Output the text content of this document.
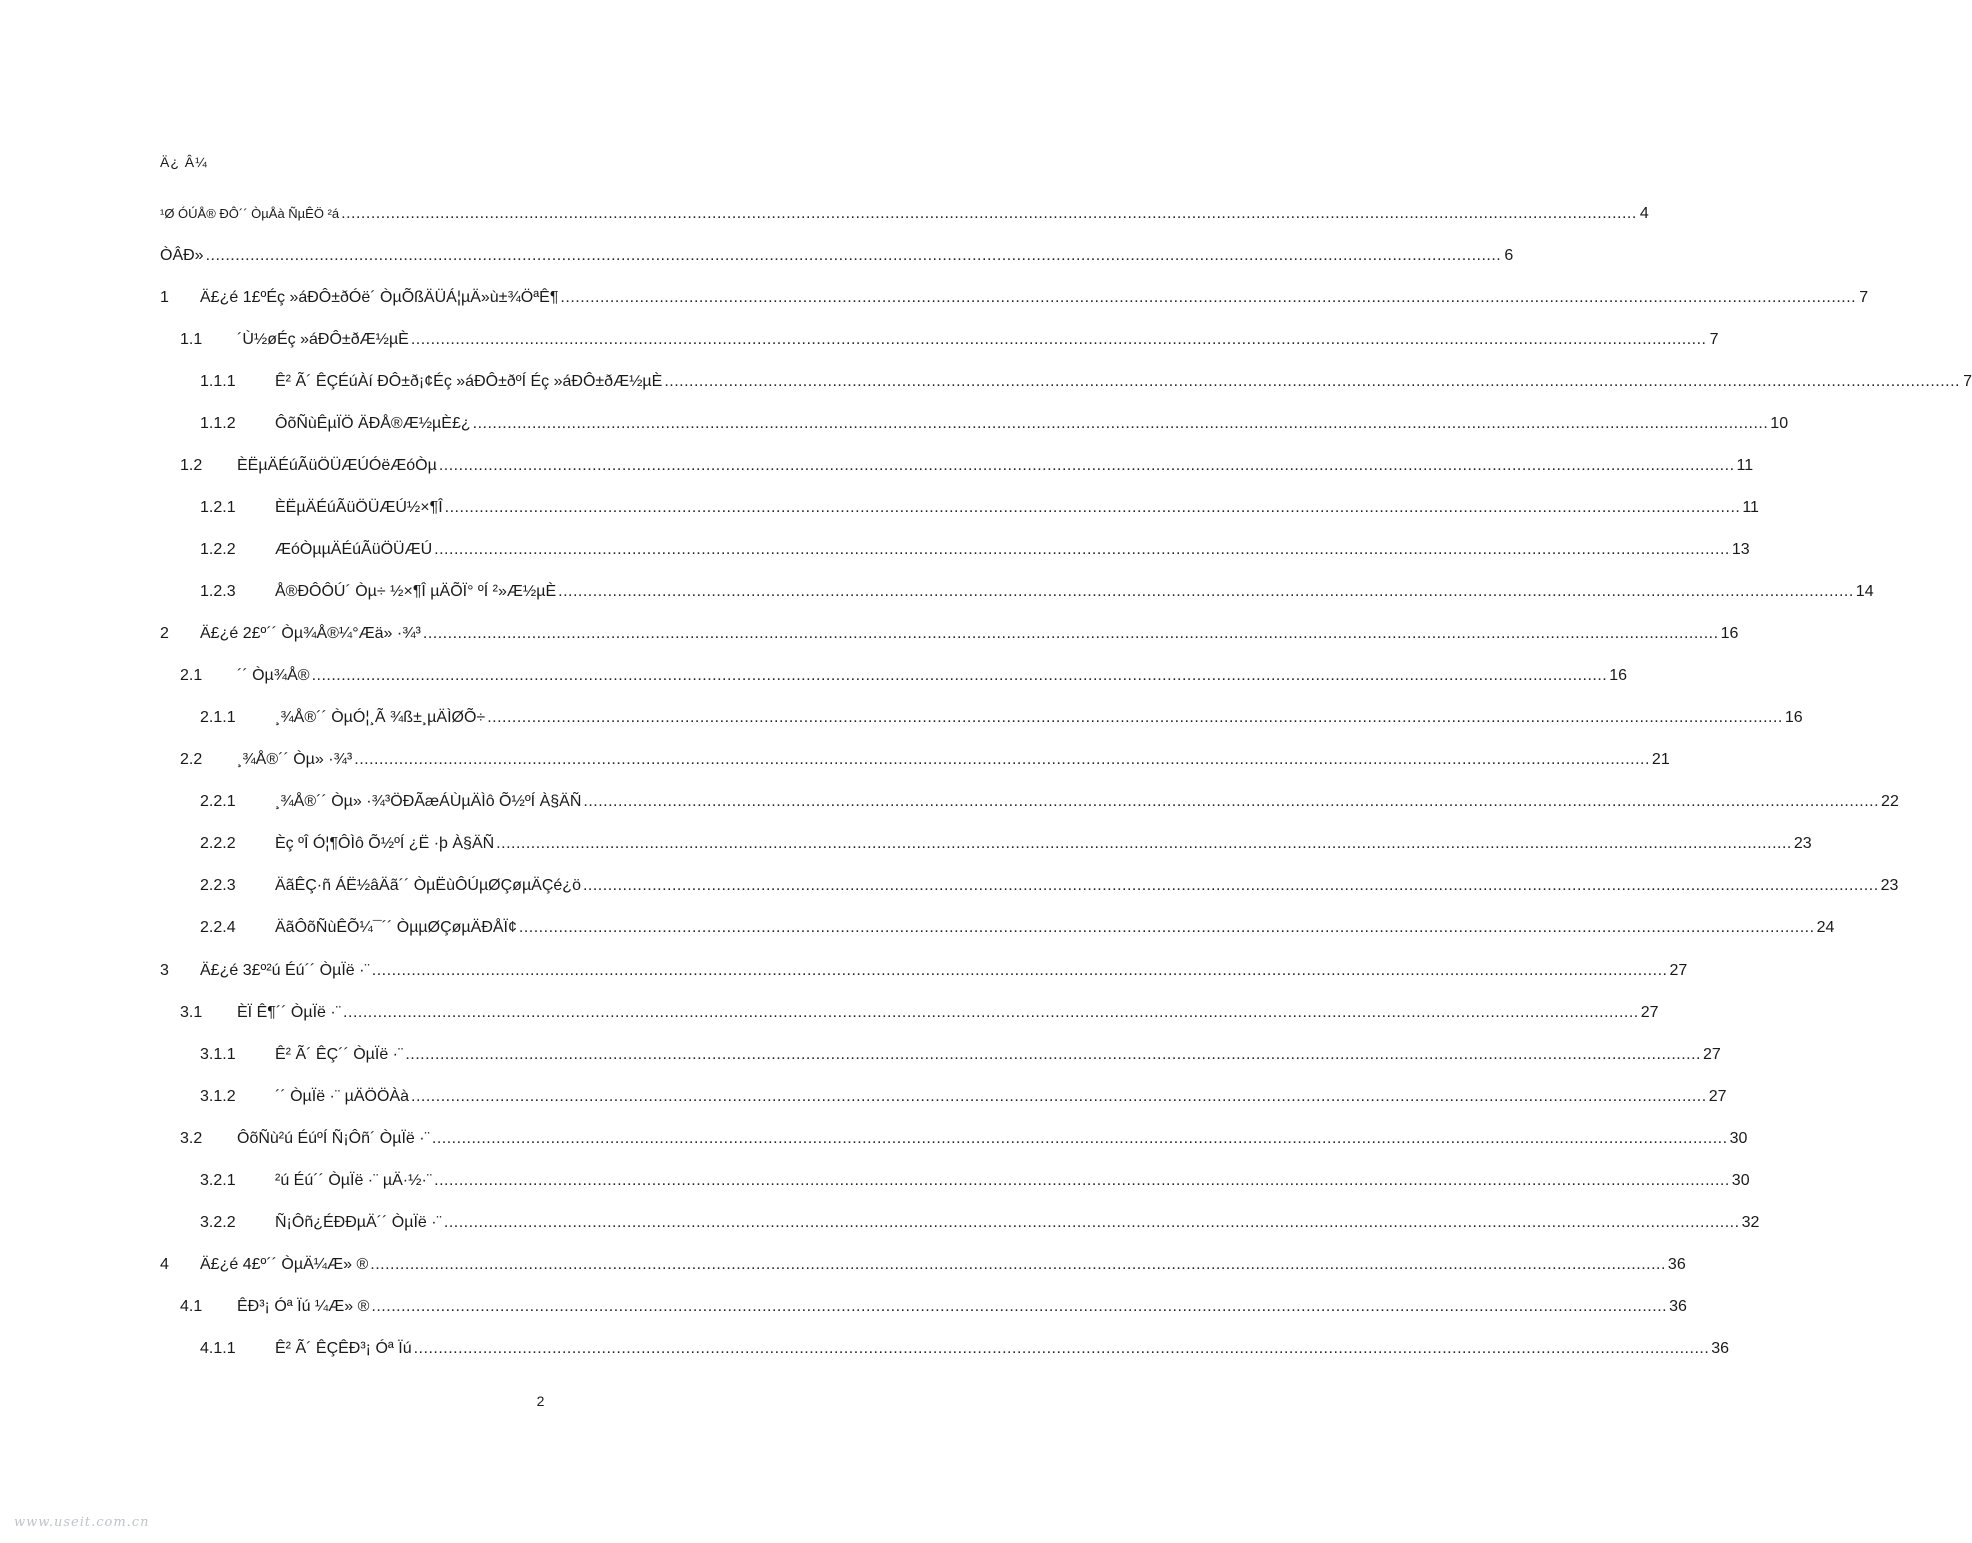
Ä¿ Â¼
¹Ø ÓÚÅ® ÐÔ´´ ÒµÅà ÑµÊÖ ²á .....	4
ÒÂÐ» .....	6
1	Ä£¿é 1£ºÉç »áÐÔ±ðÓë´ ÒµÕßÄÜÁ¦µÄ»ù±¾ÖªÊ¶ .....	7
1.1	´Ù½øÉç »áÐÔ±ðÆ½µÈ .....	7
1.1.1	Ê² Ã´ ÊÇÉúÀí ÐÔ±ð¡¢Éç »áÐÔ±ðºÍ Éç »áÐÔ±ðÆ½µÈ .....	7
1.1.2	ÔõÑùÊµÏÖ ÄÐÅ®Æ½µÈ£¿ .....	10
1.2	ÈËµÄÉúÃüÖÜÆÚÓëÆóÒµ .....	11
1.2.1	ÈËµÄÉúÃüÖÜÆÚ½×¶Î .....	11
1.2.2	ÆóÒµµÄÉúÃüÖÜÆÚ .....	13
1.2.3	Å®ÐÔÔÚ´ Òµ÷ ½×¶Î µÄÕÏ° ºÍ ²»Æ½µÈ .....	14
2	Ä£¿é 2£º´´ Òµ¾Å®¼°Æä» ·¾³ .....	16
2.1	´´ Òµ¾Å® .....	16
2.1.1	¸¾Å®´´ ÒµÓ¦¸Ã ¾ß±¸µÄÌØÕ÷ .....	16
2.2	¸¾Å®´´ Òµ» ·¾³ .....	21
2.2.1	¸¾Å®´´ Òµ» ·¾³ÖÐÃæÁÙµÄÌô Õ½ºÍ À§ÄÑ .....	22
2.2.2	Èç ºÎ Ó¦¶ÔÌô Õ½ºÍ ¿Ë ·þ À§ÄÑ .....	23
2.2.3	ÄãÊÇ·ñ ÁË½âÄã´´ ÒµËùÔÚµØÇøµÄÇé¿ö .....	23
2.2.4	ÄãÔõÑùÊÕ¼¯´´ ÒµµØÇøµÄÐÅÏ¢ .....	24
3	Ä£¿é 3£º²ú Éú´´ ÒµÏë ·¨ .....	27
3.1	ÈÏ Ê¶´´ ÒµÏë ·¨ .....	27
3.1.1	Ê² Ã´ ÊÇ´´ ÒµÏë ·¨ .....	27
3.1.2	´´ ÒµÏë ·¨ µÄÖÖÀà .....	27
3.2	ÔõÑù²ú ÉúºÍ Ñ¡Ôñ´ ÒµÏë ·¨ .....	30
3.2.1	²ú Éú´´ ÒµÏë ·¨ µÄ·½·¨ .....	30
3.2.2	Ñ¡Ôñ¿ÉÐÐµÄ´´ ÒµÏë ·¨ .....	32
4	Ä£¿é 4£º´´ ÒµÄ¼Æ» ® .....	36
4.1	ÊÐ³¡ Óª Ïú ¼Æ» ® .....	36
4.1.1	Ê² Ã´ ÊÇÊÐ³¡ Óª Ïú .....	36
2
www.useit.com.cn
